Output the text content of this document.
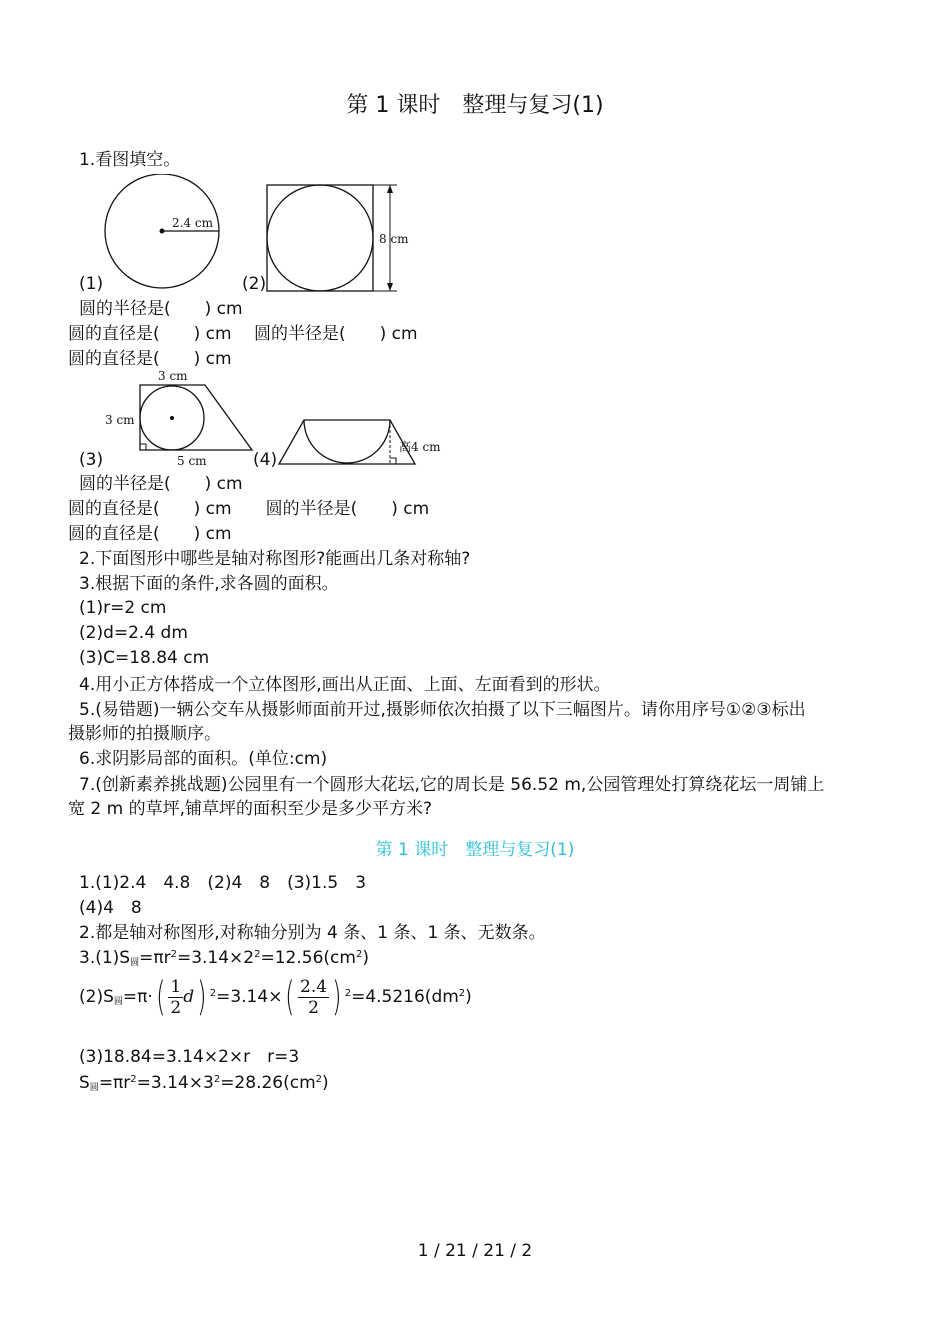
第 1 课时　整理与复习(1)
1.看图填空。
2.4 cm
(1)
8 cm
(2)
圆的半径是(　　) cm
圆的直径是(　　) cm　 圆的半径是(　　) cm
圆的直径是(　　) cm
3 cm
3 cm
5 cm
(3)
高4 cm
(4)
圆的半径是(　　) cm
圆的直径是(　　) cm　　圆的半径是(　　) cm
圆的直径是(　　) cm
2.下面图形中哪些是轴对称图形?能画出几条对称轴?
3.根据下面的条件,求各圆的面积。
(1)r=2 cm
(2)d=2.4 dm
(3)C=18.84 cm
4.用小正方体搭成一个立体图形,画出从正面、上面、左面看到的形状。
5.(易错题)一辆公交车从摄影师面前开过,摄影师依次拍摄了以下三幅图片。请你用序号①②③标出
摄影师的拍摄顺序。
6.求阴影局部的面积。(单位:cm)
7.(创新素养挑战题)公园里有一个圆形大花坛,它的周长是 56.52 m,公园管理处打算绕花坛一周铺上
宽 2 m 的草坪,铺草坪的面积至少是多少平方米?
第 1 课时　整理与复习(1)
1.(1)2.4　4.8　(2)4　8　(3)1.5　3
(4)4　8
2.都是轴对称图形,对称轴分别为 4 条、1 条、1 条、无数条。
$3.(1)S_圆=\pi r^2=3.14\times 2^2=12.56(cm^2)$
$(2)S_圆=\pi\cdot( \frac{1}{2} d)$ $^2=3.14\times( \frac{2.4}{2}$ ) $^2=4.5216(dm^2)$
(3)18.84=3.14×2×r　r=3
$S_圆=\pi r^2=3.14\times 3^2=28.26(cm^2)$
1 / 21 / 21 / 2
